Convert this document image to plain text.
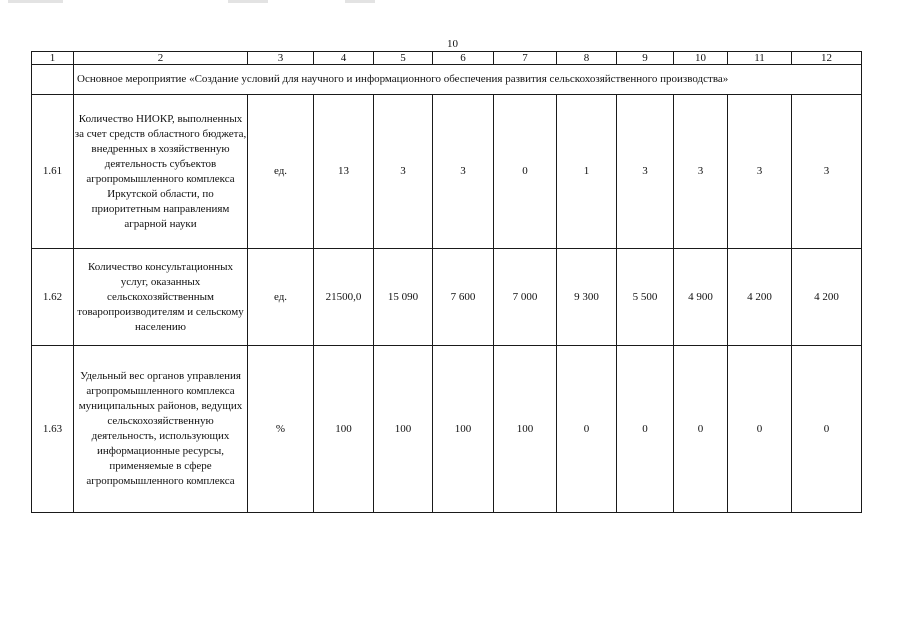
10
1	2	3	4	5	6	7	8	9	10	11	12
	Основное мероприятие «Создание условий для научного и информационного обеспечения развития сельскохозяйственного производства»										
1.61	Количество НИОКР, выполненных за счет средств областного бюджета, внедренных в хозяйственную деятельность субъектов агропромышленного комплекса Иркутской области, по приоритетным направлениям аграрной науки	ед.	13	3	3	0	1	3	3	3	3
1.62	Количество консультационных услуг, оказанных сельскохозяйственным товаропроизводителям и сельскому населению	ед.	21500,0	15 090	7 600	7 000	9 300	5 500	4 900	4 200	4 200
1.63	Удельный вес органов управления агропромышленного комплекса муниципальных районов, ведущих сельскохозяйственную деятельность, использующих информационные ресурсы, применяемые в сфере агропромышленного комплекса	%	100	100	100	100	0	0	0	0	0
